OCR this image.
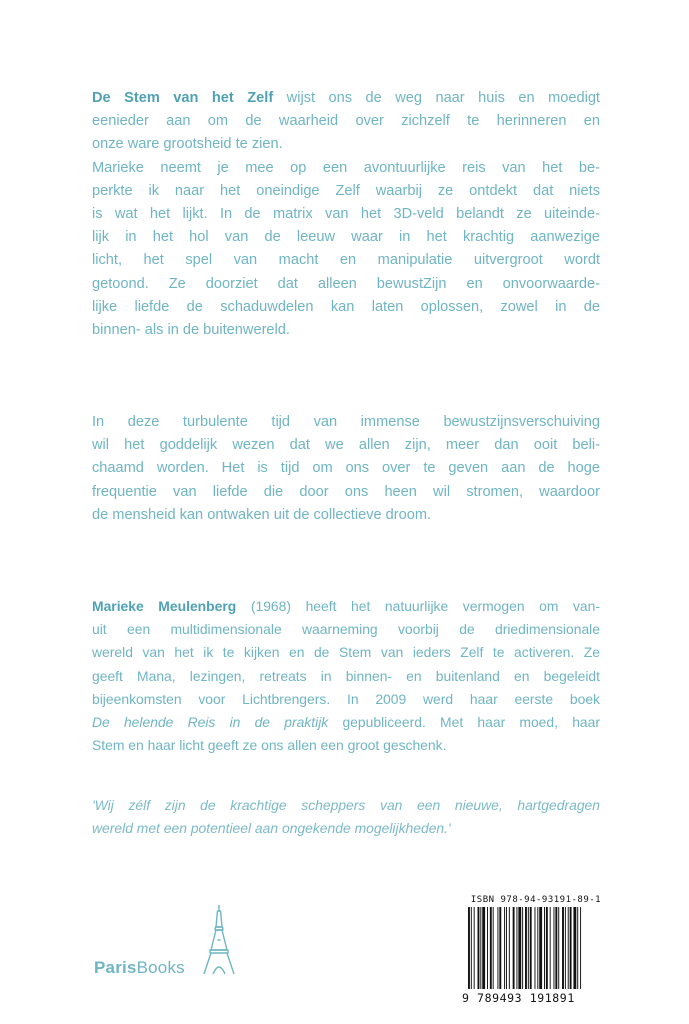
De Stem van het Zelf wijst ons de weg naar huis en moedigt
eenieder aan om de waarheid over zichzelf te herinneren en
onze ware grootsheid te zien.
Marieke neemt je mee op een avontuurlijke reis van het be-
perkte ik naar het oneindige Zelf waarbij ze ontdekt dat niets
is wat het lijkt. In de matrix van het 3D-veld belandt ze uiteinde-
lijk in het hol van de leeuw waar in het krachtig aanwezige
licht, het spel van macht en manipulatie uitvergroot wordt
getoond. Ze doorziet dat alleen bewustZijn en onvoorwaarde-
lijke liefde de schaduwdelen kan laten oplossen, zowel in de
binnen- als in de buitenwereld.
In deze turbulente tijd van immense bewustzijnsverschuiving
wil het goddelijk wezen dat we allen zijn, meer dan ooit beli-
chaamd worden. Het is tijd om ons over te geven aan de hoge
frequentie van liefde die door ons heen wil stromen, waardoor
de mensheid kan ontwaken uit de collectieve droom.
Marieke Meulenberg (1968) heeft het natuurlijke vermogen om van-
uit een multidimensionale waarneming voorbij de driedimensionale
wereld van het ik te kijken en de Stem van ieders Zelf te activeren. Ze
geeft Mana, lezingen, retreats in binnen- en buitenland en begeleidt
bijeenkomsten voor Lichtbrengers. In 2009 werd haar eerste boek
De helende Reis in de praktijk gepubliceerd. Met haar moed, haar
Stem en haar licht geeft ze ons allen een groot geschenk.
'Wij zélf zijn de krachtige scheppers van een nieuwe, hartgedragen
wereld met een potentieel aan ongekende mogelijkheden.'
ParisBooks
ISBN 978-94-93191-89-1
9 789493 191891
